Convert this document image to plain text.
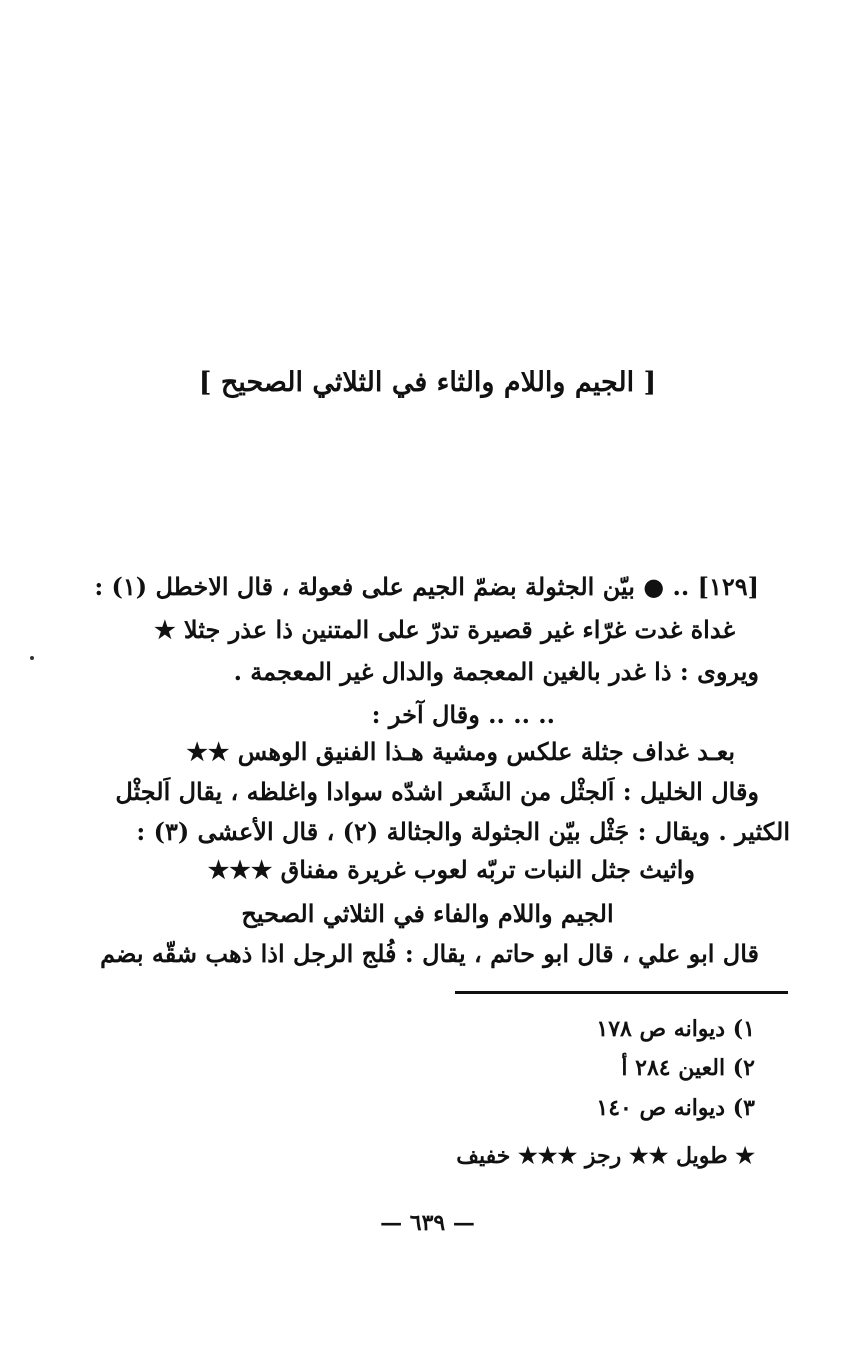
[ الجيم واللام والثاء في الثلاثي الصحيح ]
[١٢٩] .. ● بيّن الجثولة بضمّ الجيم على فعولة ، قال الاخطل (١) :
غداة غدت غرّاء غير قصيرة تدرّ على المتنين ذا عذر جثلا ★
ويروى : ذا غدر بالغين المعجمة والدال غير المعجمة .
.. .. .. وقال آخر :
بعـد غداف جثلة علكس ومشية هـذا الفنيق الوهس ★★
وقال الخليل : اَلجثْل من الشَعر اشدّه سوادا واغلظه ، يقال اَلجثْل
الكثير . ويقال : جَثْل بيّن الجثولة والجثالة (٢) ، قال الأعشى (٣) :
واثيث جثل النبات تربّه لعوب غريرة مفناق ★★★
الجيم واللام والفاء في الثلاثي الصحيح
قال ابو علي ، قال ابو حاتم ، يقال : فُلج الرجل اذا ذهب شقّه بضم
١) ديوانه ص ١٧٨
٢) العين ٢٨٤ أ
٣) ديوانه ص ١٤٠
★ طويل ★★ رجز ★★★ خفيف
— ٦٣٩ —
